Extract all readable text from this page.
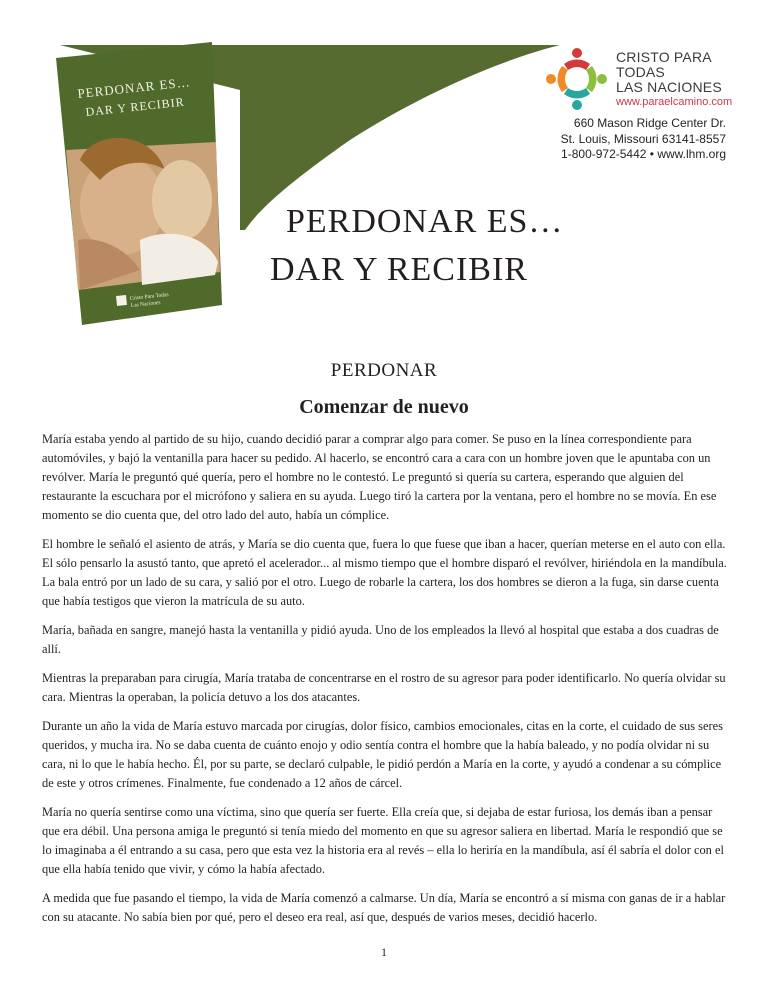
PERDONAR ES…
DAR Y RECIBIR
Cristo Para Todas
Las Naciones
CRISTO PARA
TODAS
LAS NACIONES
www.paraelcamino.com
660 Mason Ridge Center Dr.
St. Louis, Missouri 63141-8557
1-800-972-5442 • www.lhm.org
PERDONAR ES…
DAR Y RECIBIR
PERDONAR
Comenzar de nuevo

María estaba yendo al partido de su hijo, cuando decidió parar a comprar algo para comer. Se puso en la línea correspondiente para automóviles, y bajó la ventanilla para hacer su pedido. Al hacerlo, se encontró cara a cara con un hombre joven que le apuntaba con un revólver. María le preguntó qué quería, pero el hombre no le contestó. Le preguntó si quería su cartera, esperando que alguien del restaurante la escuchara por el micrófono y saliera en su ayuda. Luego tiró la cartera por la ventana, pero el hombre no se movía. En ese momento se dio cuenta que, del otro lado del auto, había un cómplice.

El hombre le señaló el asiento de atrás, y María se dio cuenta que, fuera lo que fuese que iban a hacer, querían meterse en el auto con ella. El sólo pensarlo la asustó tanto, que apretó el acelerador... al mismo tiempo que el hombre disparó el revólver, hiriéndola en la mandíbula. La bala entró por un lado de su cara, y salió por el otro. Luego de robarle la cartera, los dos hombres se dieron a la fuga, sin darse cuenta que había testigos que vieron la matrícula de su auto.

María, bañada en sangre, manejó hasta la ventanilla y pidió ayuda. Uno de los empleados la llevó al hospital que estaba a dos cuadras de allí.

Mientras la preparaban para cirugía, María trataba de concentrarse en el rostro de su agresor para poder identificarlo. No quería olvidar su cara. Mientras la operaban, la policía detuvo a los dos atacantes.

Durante un año la vida de María estuvo marcada por cirugías, dolor físico, cambios emocionales, citas en la corte, el cuidado de sus seres queridos, y mucha ira. No se daba cuenta de cuánto enojo y odio sentía contra el hombre que la había baleado, y no podía olvidar ni su cara, ni lo que le había hecho. Él, por su parte, se declaró culpable, le pidió perdón a María en la corte, y ayudó a condenar a su cómplice de este y otros crímenes. Finalmente, fue condenado a 12 años de cárcel.

María no quería sentirse como una víctima, sino que quería ser fuerte. Ella creía que, si dejaba de estar furiosa, los demás iban a pensar que era débil. Una persona amiga le preguntó si tenía miedo del momento en que su agresor saliera en libertad. María le respondió que se lo imaginaba a él entrando a su casa, pero que esta vez la historia era al revés – ella lo heriría en la mandíbula, así él sabría el dolor con el que ella había tenido que vivir, y cómo la había afectado.

A medida que fue pasando el tiempo, la vida de María comenzó a calmarse. Un día, María se encontró a sí misma con ganas de ir a hablar con su atacante. No sabía bien por qué, pero el deseo era real, así que, después de varios meses, decidió hacerlo.

1
